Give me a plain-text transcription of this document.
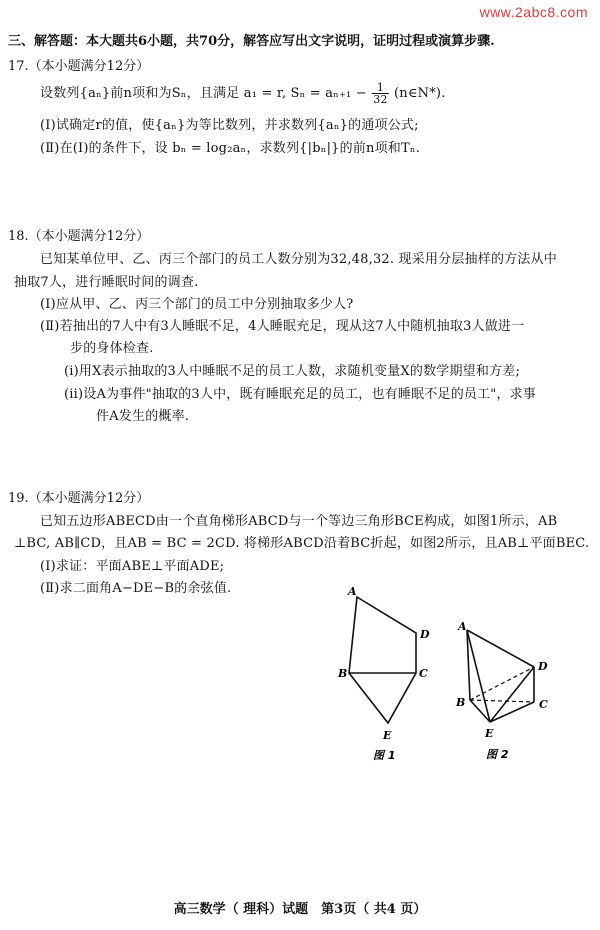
www.2abc8.com
三、解答题：本大题共6小题，共70分，解答应写出文字说明，证明过程或演算步骤.
17.（本小题满分12分）
设数列{aₙ}前n项和为Sₙ，且满足 a₁ = r, $S_n = a_{n+1} - \frac{1}{32}$ (n∈N*).
(Ⅰ)试确定r的值，使{aₙ}为等比数列，并求数列{aₙ}的通项公式;
(Ⅱ)在(Ⅰ)的条件下，设 bₙ = log₂aₙ，求数列{|bₙ|}的前n项和Tₙ.
18.（本小题满分12分）
已知某单位甲、乙、丙三个部门的员工人数分别为32,48,32. 现采用分层抽样的方法从中
抽取7人，进行睡眠时间的调查.
(Ⅰ)应从甲、乙、丙三个部门的员工中分别抽取多少人?
(Ⅱ)若抽出的7人中有3人睡眠不足，4人睡眠充足，现从这7人中随机抽取3人做进一
步的身体检查.
(i)用X表示抽取的3人中睡眠不足的员工人数，求随机变量X的数学期望和方差;
(ii)设A为事件"抽取的3人中，既有睡眠充足的员工，也有睡眠不足的员工"，求事
件A发生的概率.
19.（本小题满分12分）
已知五边形ABECD由一个直角梯形ABCD与一个等边三角形BCE构成，如图1所示，AB
⊥BC, AB∥CD，且AB = BC = 2CD. 将梯形ABCD沿着BC折起，如图2所示，且AB⊥平面BEC.
(Ⅰ)求证：平面ABE⊥平面ADE;
(Ⅱ)求二面角A−DE−B的余弦值.	A
D
B	C
E
图 1
A
D
B	C
E
图 2
高三数学（ 理科）试题　第3页（ 共4 页）
